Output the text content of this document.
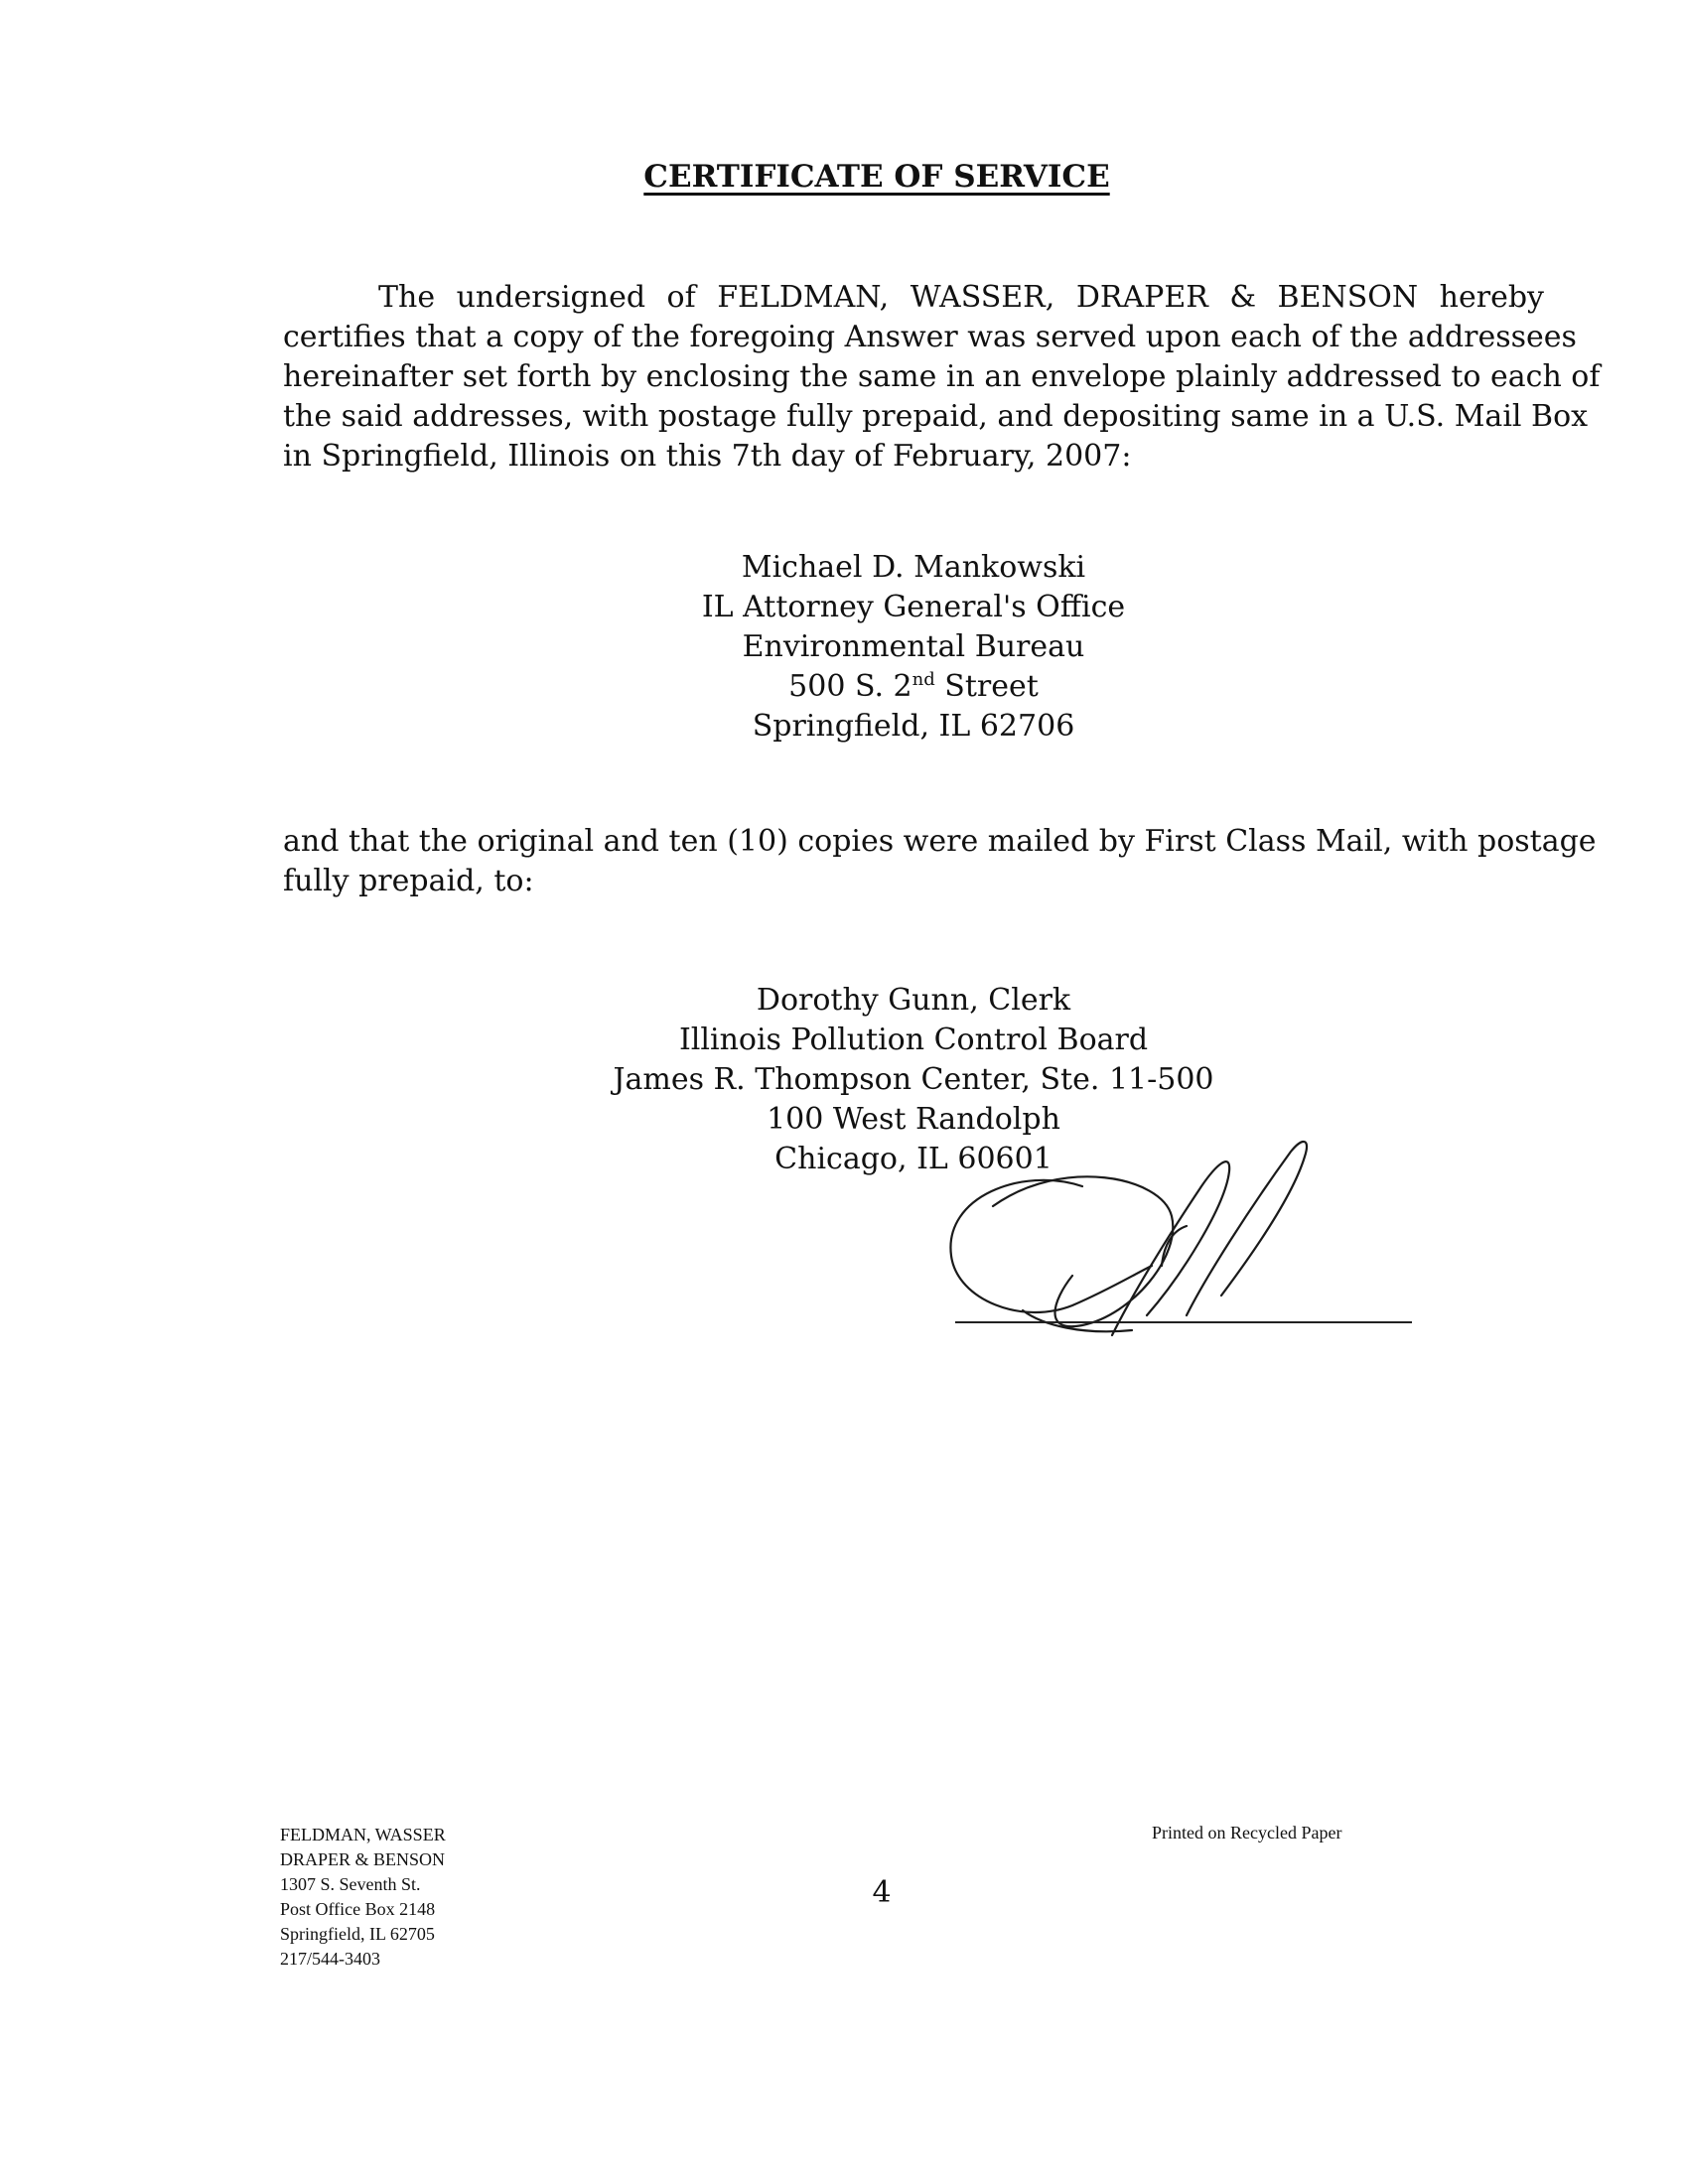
CERTIFICATE OF SERVICE

The undersigned of FELDMAN, WASSER, DRAPER & BENSON hereby
certifies that a copy of the foregoing Answer was served upon each of the addressees
hereinafter set forth by enclosing the same in an envelope plainly addressed to each of
the said addresses, with postage fully prepaid, and depositing same in a U.S. Mail Box
in Springfield, Illinois on this 7th day of February, 2007:

Michael D. Mankowski
IL Attorney General's Office
Environmental Bureau
500 S. 2nd Street
Springfield, IL 62706

and that the original and ten (10) copies were mailed by First Class Mail, with postage
fully prepaid, to:

Dorothy Gunn, Clerk
Illinois Pollution Control Board
James R. Thompson Center, Ste. 11-500
100 West Randolph
Chicago, IL 60601
FELDMAN, WASSER
DRAPER & BENSON
1307 S. Seventh St.
Post Office Box 2148
Springfield, IL 62705
217/544-3403

4

Printed on Recycled Paper
